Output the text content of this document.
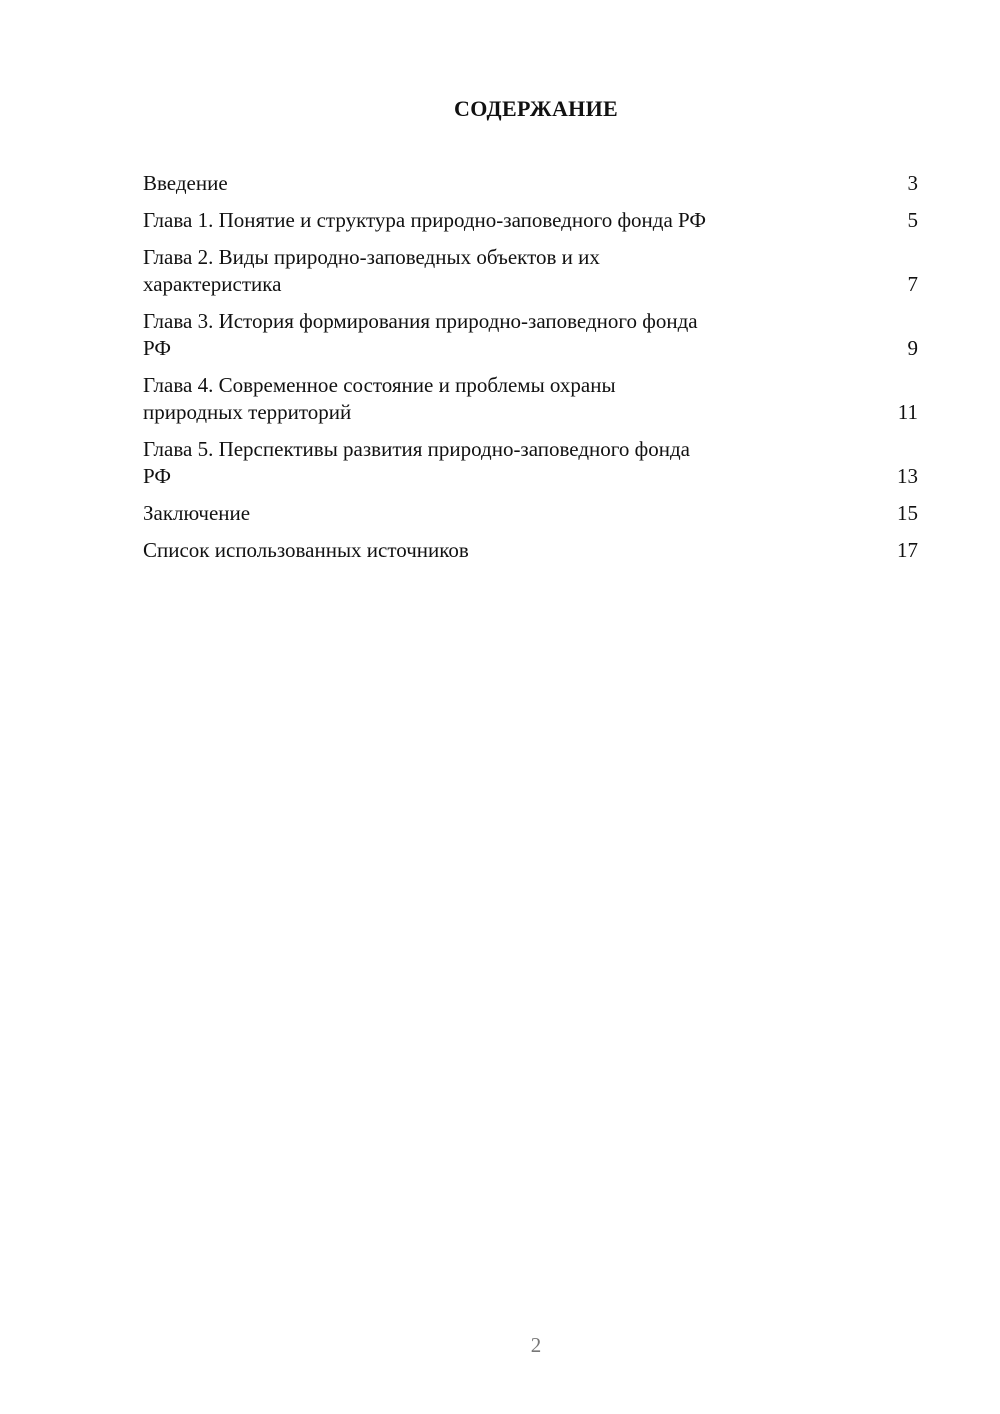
СОДЕРЖАНИЕ
Введение	3
Глава 1. Понятие и структура природно-заповедного фонда РФ	5
Глава 2. Виды природно-заповедных объектов и их
характеристика	7
Глава 3. История формирования природно-заповедного фонда
РФ	9
Глава 4. Современное состояние и проблемы охраны
природных территорий	11
Глава 5. Перспективы развития природно-заповедного фонда
РФ	13
Заключение	15
Список использованных источников	17
2
